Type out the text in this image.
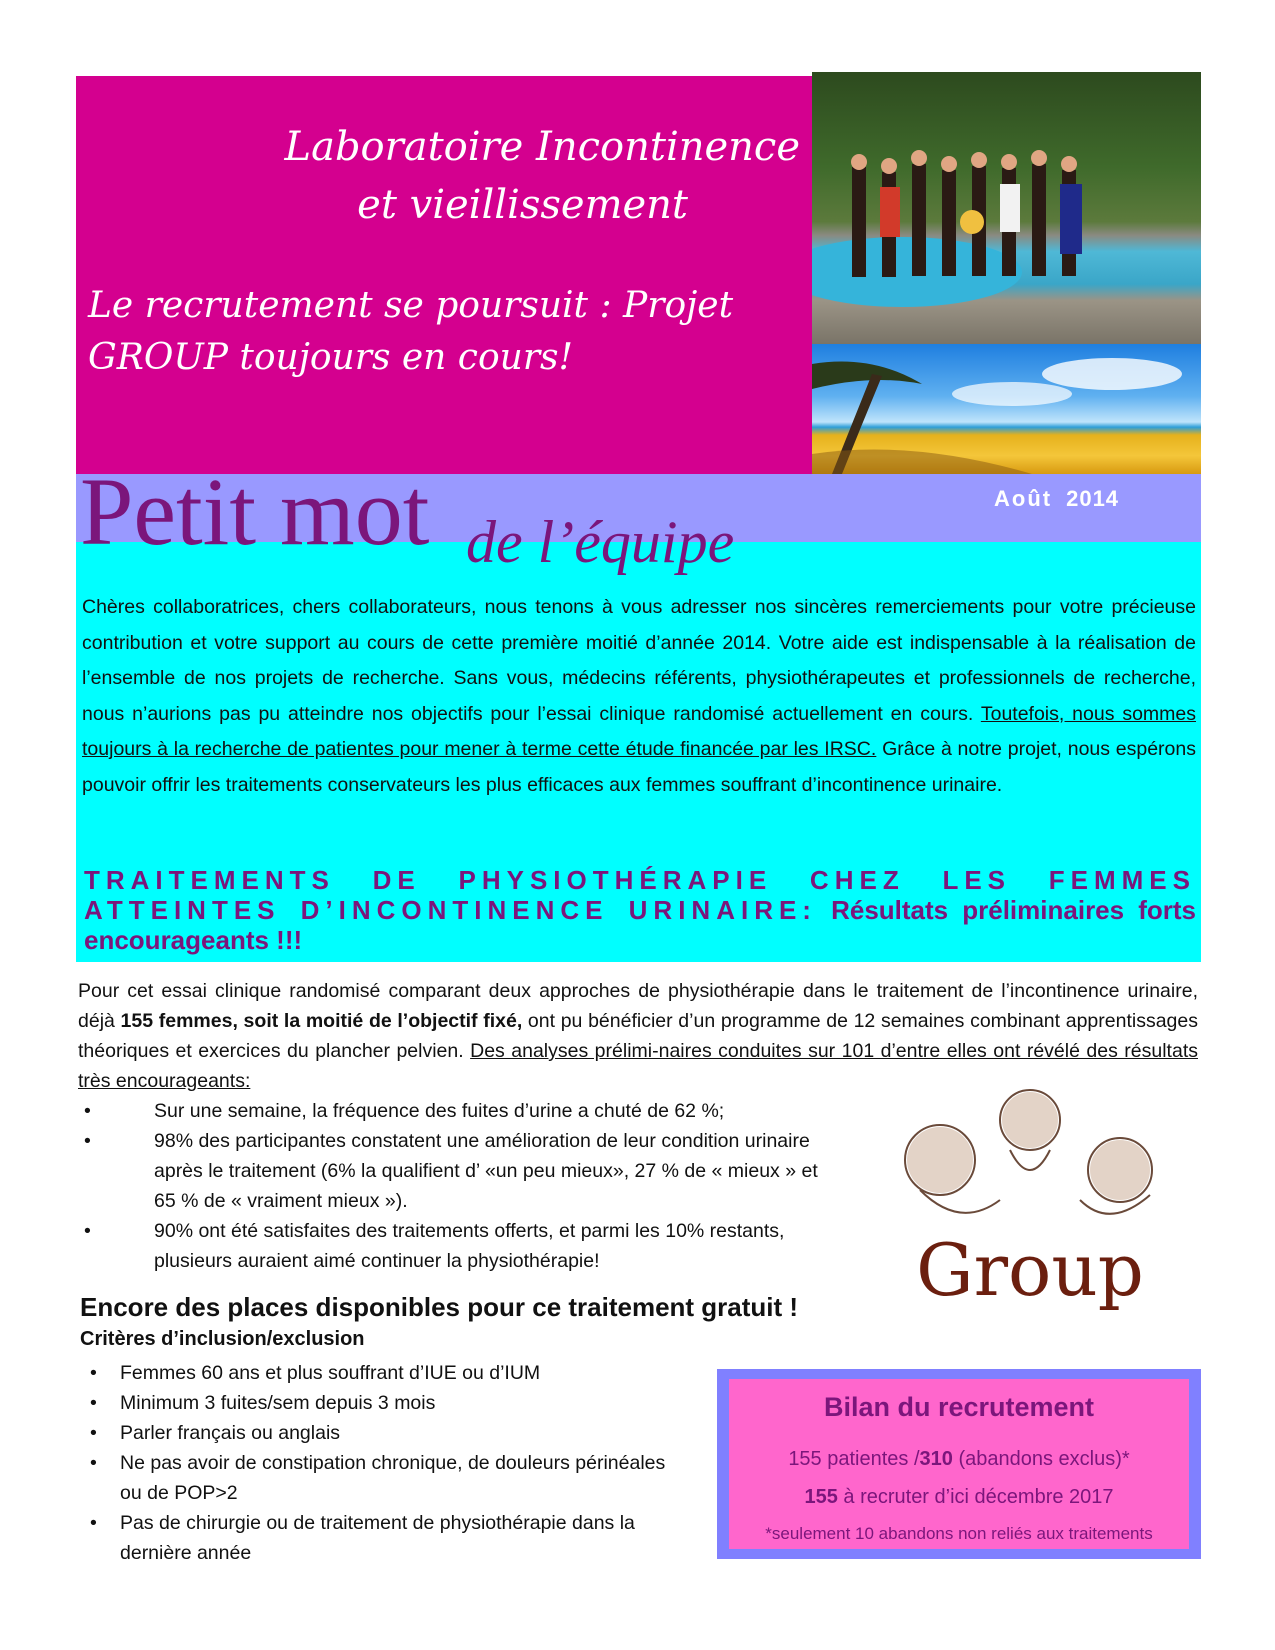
Laboratoire Incontinence
et vieillissement
Le recrutement se poursuit : Projet GROUP toujours en cours!
Août 2014
Petit mot de l’équipe
Chères collaboratrices, chers collaborateurs, nous tenons à vous adresser nos sincères remerciements pour votre précieuse contribution et votre support au cours de cette première moitié d’année 2014. Votre aide est indispensable à la réalisation de l’ensemble de nos projets de recherche. Sans vous, médecins référents, physiothérapeutes et professionnels de recherche, nous n’aurions pas pu atteindre nos objectifs pour l’essai clinique randomisé actuellement en cours. Toutefois, nous sommes toujours à la recherche de patientes pour mener à terme cette étude financée par les IRSC. Grâce à notre projet, nous espérons pouvoir offrir les traitements conservateurs les plus efficaces aux femmes souffrant d’incontinence urinaire.
TRAITEMENTS DE PHYSIOTHÉRAPIE CHEZ LES FEMMES ATTEINTES D’INCONTINENCE URINAIRE: Résultats préliminaires forts encourageants !!!
Pour cet essai clinique randomisé comparant deux approches de physiothérapie dans le traitement de l’incontinence urinaire, déjà 155 femmes, soit la moitié de l’objectif fixé, ont pu bénéficier d’un programme de 12 semaines combinant apprentissages théoriques et exercices du plancher pelvien. Des analyses prélimi-naires conduites sur 101 d’entre elles ont révélé des résultats très encourageants:
•	Sur une semaine, la fréquence des fuites d’urine a chuté de 62 %;
•	98% des participantes constatent une amélioration de leur condition urinaire après le traitement (6% la qualifient d’ «un peu mieux», 27 % de « mieux » et 65 % de « vraiment mieux »).
•	90% ont été satisfaites des traitements offerts, et parmi les 10% restants, plusieurs auraient aimé continuer la physiothérapie!	Group
Encore des places disponibles pour ce traitement gratuit !
Critères d’inclusion/exclusion
• Femmes 60 ans et plus souffrant d’IUE ou d’IUM
• Minimum 3 fuites/sem depuis 3 mois
• Parler français ou anglais
• Ne pas avoir de constipation chronique, de douleurs périnéales ou de POP>2
• Pas de chirurgie ou de traitement de physiothérapie dans la dernière année
Bilan du recrutement
155 patientes /310 (abandons exclus)*
155 à recruter d’ici décembre 2017
*seulement 10 abandons non reliés aux traitements
